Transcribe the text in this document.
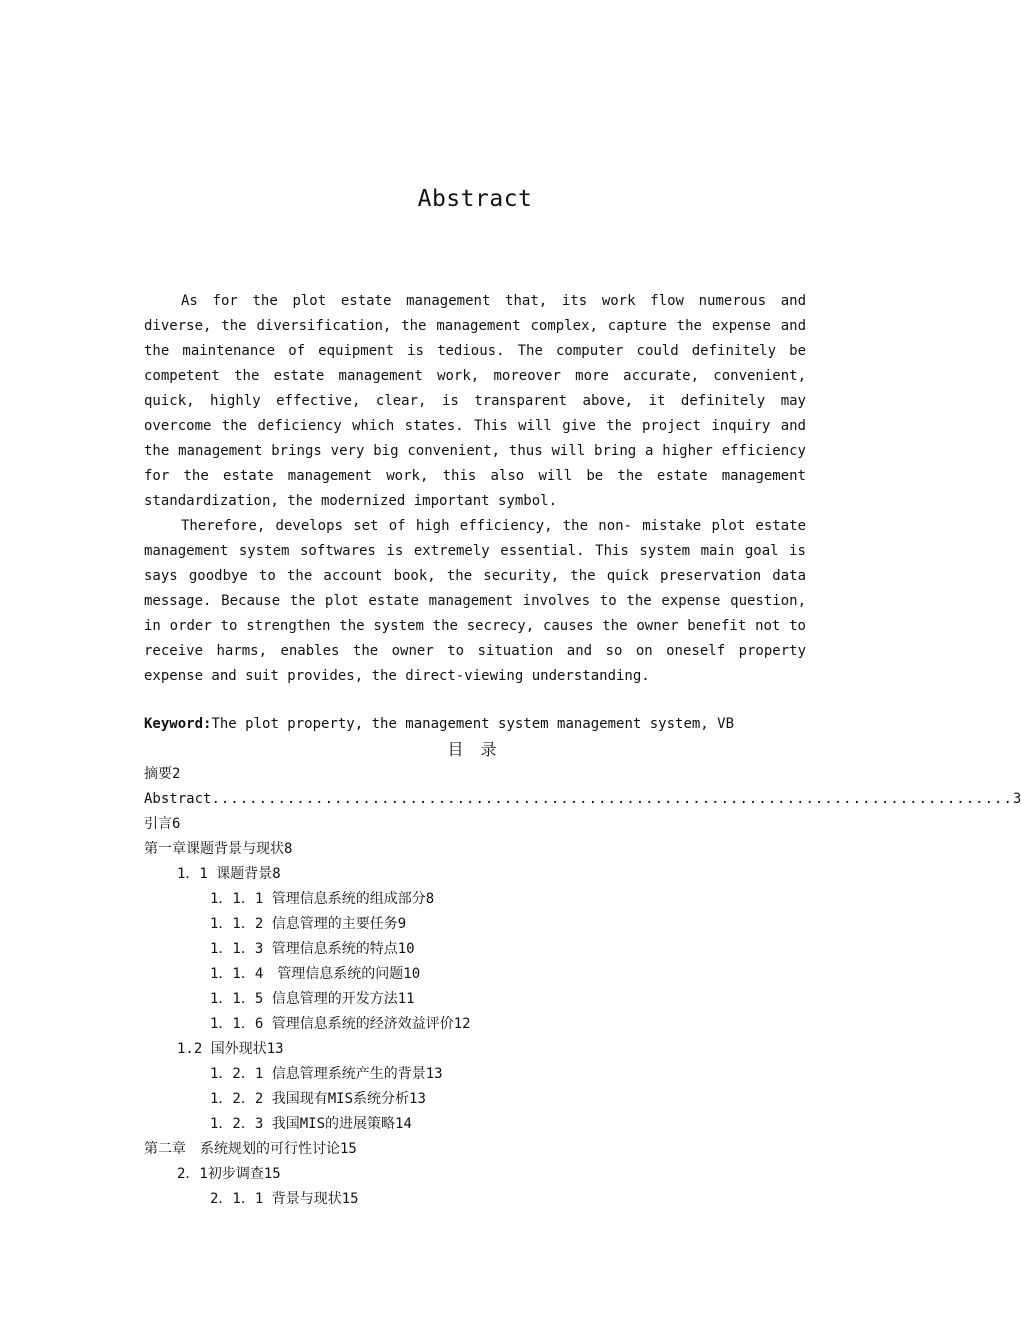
Abstract

As for the plot estate management that, its work flow numerous and diverse, the diversification, the management complex, capture the expense and the maintenance of equipment is tedious. The computer could definitely be competent the estate management work, moreover more accurate, convenient, quick, highly effective, clear, is transparent above, it definitely may overcome the deficiency which states. This will give the project inquiry and the management brings very big convenient, thus will bring a higher efficiency for the estate management work, this also will be the estate management standardization, the modernized important symbol.

Therefore, develops set of high efficiency, the non- mistake plot estate management system softwares is extremely essential. This system main goal is says goodbye to the account book, the security, the quick preservation data message. Because the plot estate management involves to the expense question, in order to strengthen the system the secrecy, causes the owner benefit not to receive harms, enables the owner to situation and so on oneself property expense and suit provides, the direct-viewing understanding.

Keyword:The plot property, the management system management system, VB
目 录
摘要 2
Abstract ..................................................................................... 3
引言 6
第一章课题背景与现状 8
1．1 课题背景 8
1．1．1 管理信息系统的组成部分 8
1．1．2 信息管理的主要任务 9
1．1．3 管理信息系统的特点 10
1．1．4　管理信息系统的问题 10
1．1．5 信息管理的开发方法 11
1．1．6 管理信息系统的经济效益评价 12
1.2 国外现状 13
1．2．1 信息管理系统产生的背景 13
1．2．2 我国现有MIS系统分析 13
1．2．3 我国MIS的进展策略 14
第二章　系统规划的可行性讨论 15
2．1初步调查 15
2．1．1 背景与现状 15
